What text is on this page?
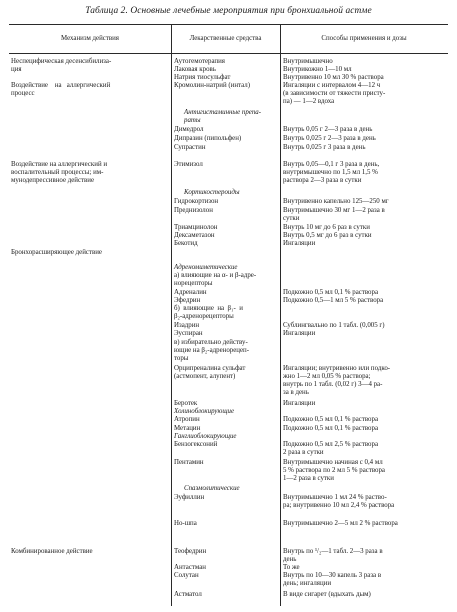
Таблица 2. Основные лечебные мероприятия при бронхиальной астме
Механизм действия	Лекарственные средства	Способы применения и дозы
Неспецифическая десенсибилиза-
ция
Воздействие    на   аллергический
процесс
Воздействие на аллергический и
воспалительный процессы; им-
мунодепрессивное действие
Бронхорасширяющее действие
Комбинированное действие
Аутогемотерапия
Лаковая кровь
Натрия тиосульфат
Кромолин-натрий (интал)
Антигистаминные препа-
раты
Димедрол
Дипразин (пипольфен)
Супрастин
Этимизол
Кортикостероиды
Гидрокортизон
Преднизолон
Триамцинолон
Дексаметазон
Бекотид
Адреномиметические
а) влияющие на α- и β-адре-
норецепторы
Адреналин
Эфедрин
б)  влияющие  на  β₁-  и
β₂-адренорецепторы
Изадрин
Эуспиран
в) избирательно действу-
ющие на β₂-адренорецеп-
торы
Орципреналина сульфат
(астмопент, алупент)
Беротек
Холиноблокирующие
Атропин
Метацин
Ганглиоблокирующие
Бензогексоний
Пентамин
Спазмолитические
Эуфиллин
Но-шпа
Теофедрин
Антастман
Солутан
Астматол
Внутримышечно
Внутрикожно 1—10 мл
Внутривенно 10 мл 30 % раствора
Ингаляции с интервалом 4—12 ч
(в зависимости от тяжести присту-
па) — 1—2 вдоха
Внутрь 0,05 г 2—3 раза в день
Внутрь 0,025 г 2—3 раза в день
Внутрь 0,025 г 3 раза в день
Внутрь 0,05—0,1 г 3 раза в день,
внутримышечно по 1,5 мл 1,5 %
раствора 2—3 раза в сутки
Внутривенно капельно 125—250 мг
Внутримышечно 30 мг 1—2 раза в
сутки
Внутрь 10 мг до 6 раз в сутки
Внутрь 0,5 мг до 6 раз в сутки
Ингаляции
Подкожно 0,5 мл 0,1 % раствора
Подкожно 0,5—1 мл 5 % раствора
Сублингвально по 1 табл. (0,005 г)
Ингаляции
Ингаляции; внутривенно или подко-
жно 1—2 мл 0,05 % раствора;
внутрь по 1 табл. (0,02 г) 3—4 ра-
за в день
Ингаляции
Подкожно 0,5 мл 0,1 % раствора
Подкожно 0,5 мл 0,1 % раствора
Подкожно 0,5 мл 2,5 % раствора
2 раза в сутки
Внутримышечно начиная с 0,4 мл
5 % раствора по 2 мл 5 % раствора
1—2 раза в сутки
Внутримышечно 1 мл 24 % раство-
ра; внутривенно 10 мл 2,4 % раствора
Внутримышечно 2—5 мл 2 % раствора
Внутрь по ¹/₂—1 табл. 2—3 раза в
день
То же
Внутрь по 10—30 капель 3 раза в
день; ингаляции
В виде сигарет (вдыхать дым)
